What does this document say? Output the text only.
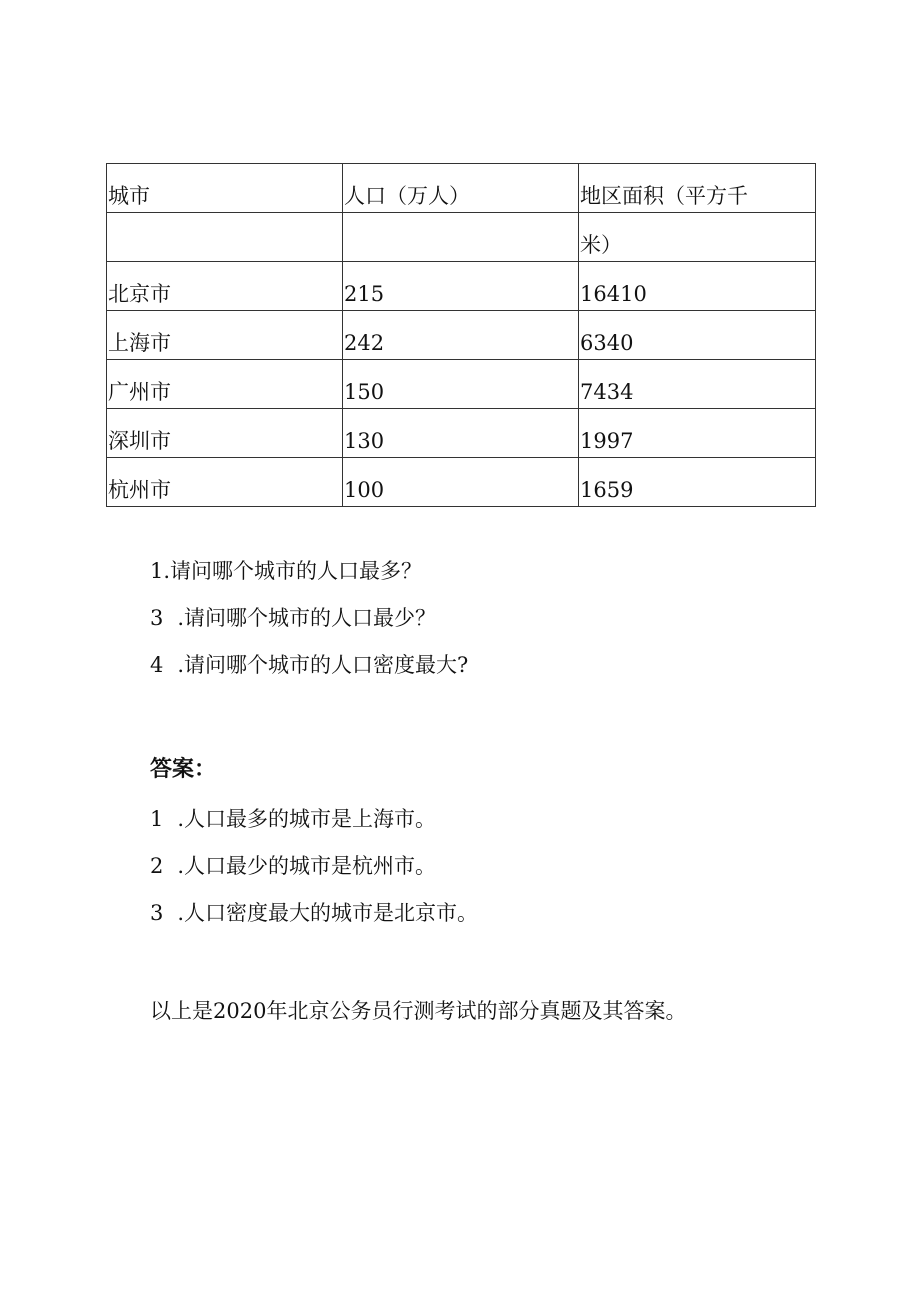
城市	人口（万人）	地区面积（平方千

		米）

北京市	215	16410

上海市	242	6340

广州市	150	7434

深圳市	130	1997

杭州市	100	1659
1.请问哪个城市的人口最多？
3 .请问哪个城市的人口最少？
4 .请问哪个城市的人口密度最大?
答案：
1 .人口最多的城市是上海市。
2 .人口最少的城市是杭州市。
3 .人口密度最大的城市是北京市。
以上是2020年北京公务员行测考试的部分真题及其答案。
